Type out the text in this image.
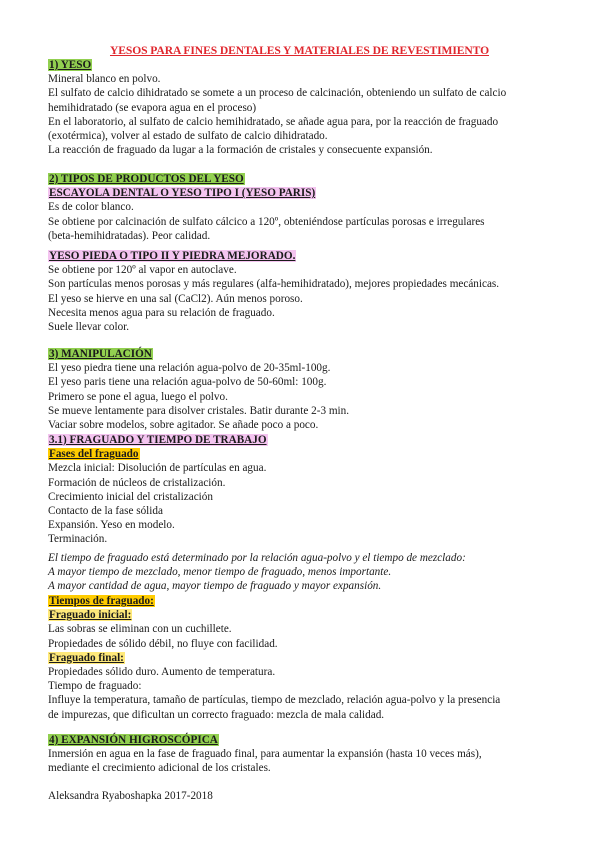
YESOS PARA FINES DENTALES Y MATERIALES DE REVESTIMIENTO
1) YESO
Mineral blanco en polvo.
El sulfato de calcio dihidratado se somete a un proceso de calcinación, obteniendo un sulfato de calcio
hemihidratado (se evapora agua en el proceso)
En el laboratorio, al sulfato de calcio hemihidratado, se añade agua para, por la reacción de fraguado
(exotérmica), volver al estado de sulfato de calcio dihidratado.
La reacción de fraguado da lugar a la formación de cristales y consecuente expansión.
2) TIPOS DE PRODUCTOS DEL YESO
ESCAYOLA DENTAL O YESO TIPO I (YESO PARIS)
Es de color blanco.
Se obtiene por calcinación de sulfato cálcico a 120º, obteniéndose partículas porosas e irregulares
(beta-hemihidratadas). Peor calidad.
YESO PIEDA O TIPO II Y PIEDRA MEJORADO.
Se obtiene por 120º al vapor en autoclave.
Son partículas menos porosas y más regulares (alfa-hemihidratado), mejores propiedades mecánicas.
El yeso se hierve en una sal (CaCl2). Aún menos poroso.
Necesita menos agua para su relación de fraguado.
Suele llevar color.
3) MANIPULACIÓN
El yeso piedra tiene una relación agua-polvo de 20-35ml-100g.
El yeso paris tiene una relación agua-polvo de 50-60ml: 100g.
Primero se pone el agua, luego el polvo.
Se mueve lentamente para disolver cristales. Batir durante 2-3 min.
Vaciar sobre modelos, sobre agitador. Se añade poco a poco.
3.1) FRAGUADO Y TIEMPO DE TRABAJO
Fases del fraguado
Mezcla inicial: Disolución de partículas en agua.
Formación de núcleos de cristalización.
Crecimiento inicial del cristalización
Contacto de la fase sólida
Expansión. Yeso en modelo.
Terminación.
El tiempo de fraguado está determinado por la relación agua-polvo y el tiempo de mezclado:
A mayor tiempo de mezclado, menor tiempo de fraguado, menos importante.
A mayor cantidad de agua, mayor tiempo de fraguado y mayor expansión.
Tiempos de fraguado:
Fraguado inicial:
Las sobras se eliminan con un cuchillete.
Propiedades de sólido débil, no fluye con facilidad.
Fraguado final:
Propiedades sólido duro. Aumento de temperatura.
Tiempo de fraguado:
Influye la temperatura, tamaño de partículas, tiempo de mezclado, relación agua-polvo y la presencia
de impurezas, que dificultan un correcto fraguado: mezcla de mala calidad.
4) EXPANSIÓN HIGROSCÓPICA
Inmersión en agua en la fase de fraguado final, para aumentar la expansión (hasta 10 veces más),
mediante el crecimiento adicional de los cristales.
Aleksandra Ryaboshapka 2017-2018
